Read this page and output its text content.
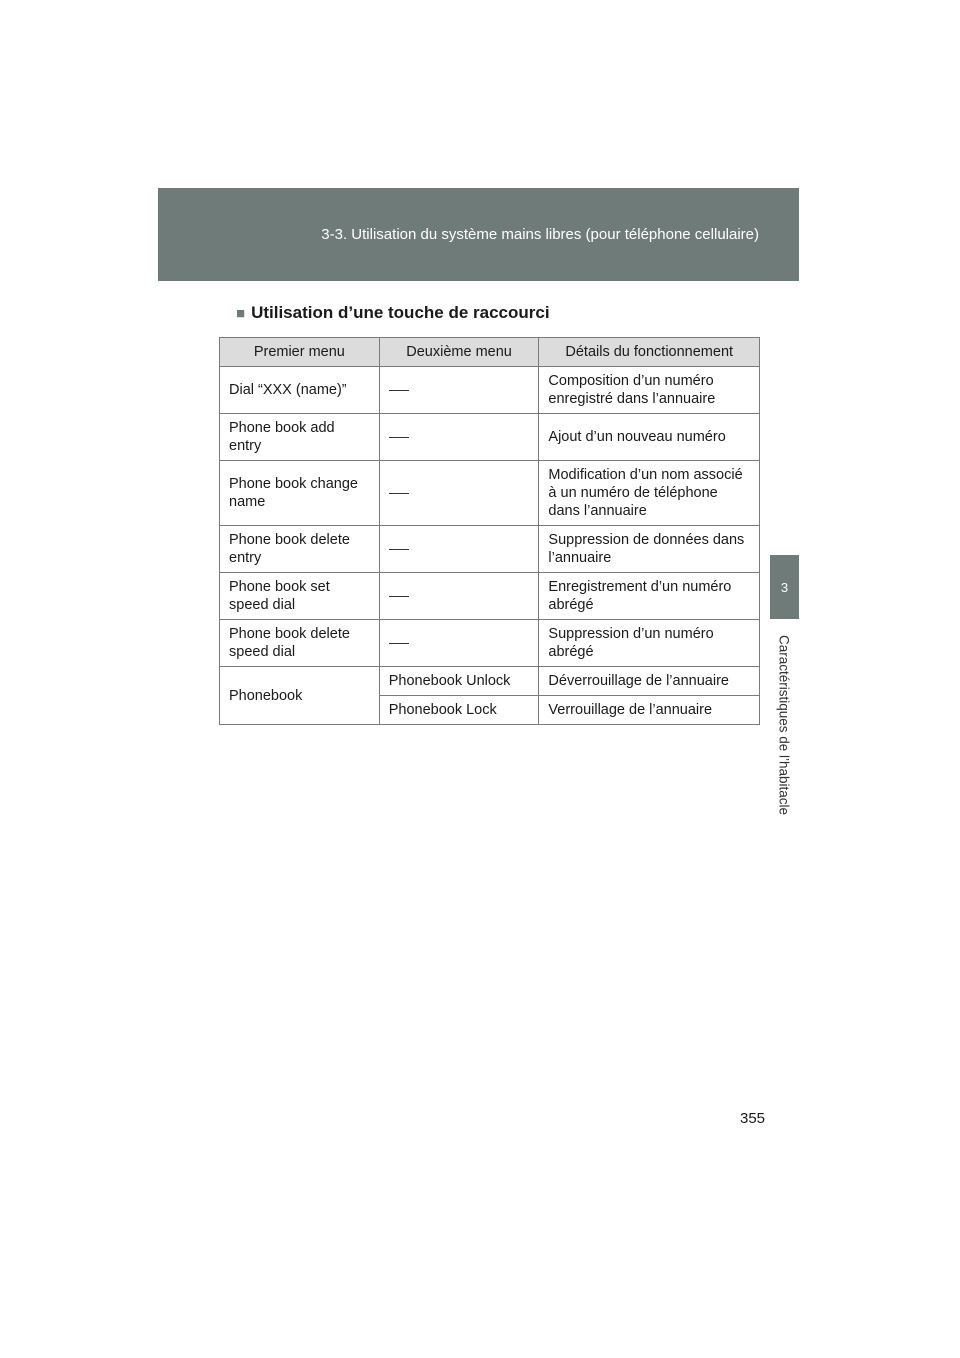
3-3. Utilisation du système mains libres (pour téléphone cellulaire)
3
Caractéristiques de l’habitacle
■ Utilisation d’une touche de raccourci
Premier menu	Deuxième menu	Détails du fonctionnement
Dial “XXX (name)”		Composition d’un numéro enregistré dans l’annuaire
Phone book add entry		Ajout d’un nouveau numéro
Phone book change name		Modification d’un nom associé à un numéro de téléphone dans l’annuaire
Phone book delete entry		Suppression de données dans l’annuaire
Phone book set speed dial		Enregistrement d’un numéro abrégé
Phone book delete speed dial		Suppression d’un numéro abrégé
Phonebook	Phonebook Unlock	Déverrouillage de l’annuaire
	Phonebook Lock	Verrouillage de l’annuaire
355
